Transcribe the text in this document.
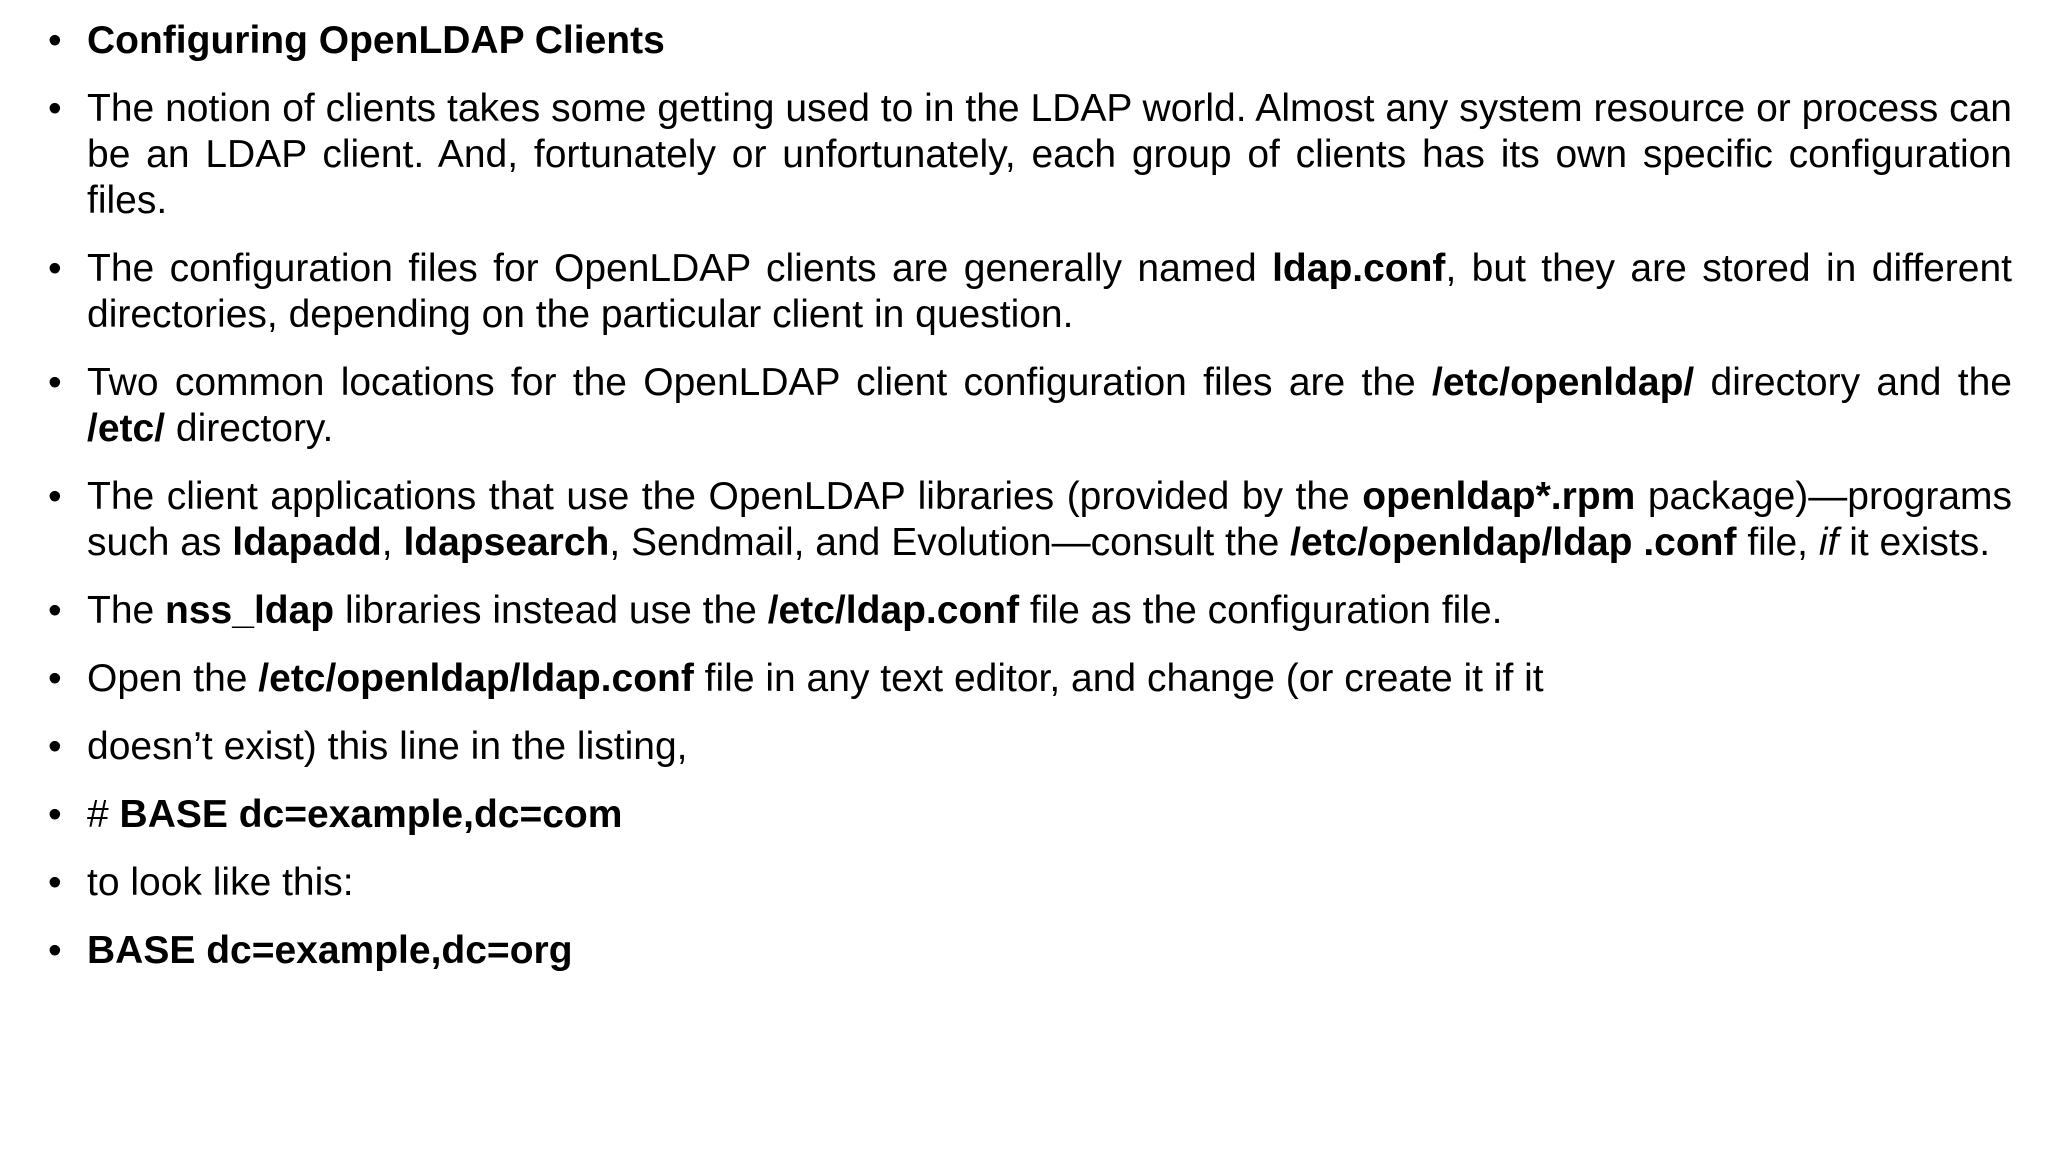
• Configuring OpenLDAP Clients
• The notion of clients takes some getting used to in the LDAP world. Almost any system resource or process can be an LDAP client. And, fortunately or unfortunately, each group of clients has its own specific configuration files.
• The configuration files for OpenLDAP clients are generally named ldap.conf, but they are stored in different directories, depending on the particular client in question.
• Two common locations for the OpenLDAP client configuration files are the /etc/openldap/ directory and the /etc/ directory.
• The client applications that use the OpenLDAP libraries (provided by the openldap*.rpm package)—programs such as ldapadd, ldapsearch, Sendmail, and Evolution—consult the /etc/openldap/ldap .conf file, if it exists.
• The nss_ldap libraries instead use the /etc/ldap.conf file as the configuration file.
• Open the /etc/openldap/ldap.conf file in any text editor, and change (or create it if it
• doesn’t exist) this line in the listing,
• # BASE dc=example,dc=com
• to look like this:
• BASE dc=example,dc=org
